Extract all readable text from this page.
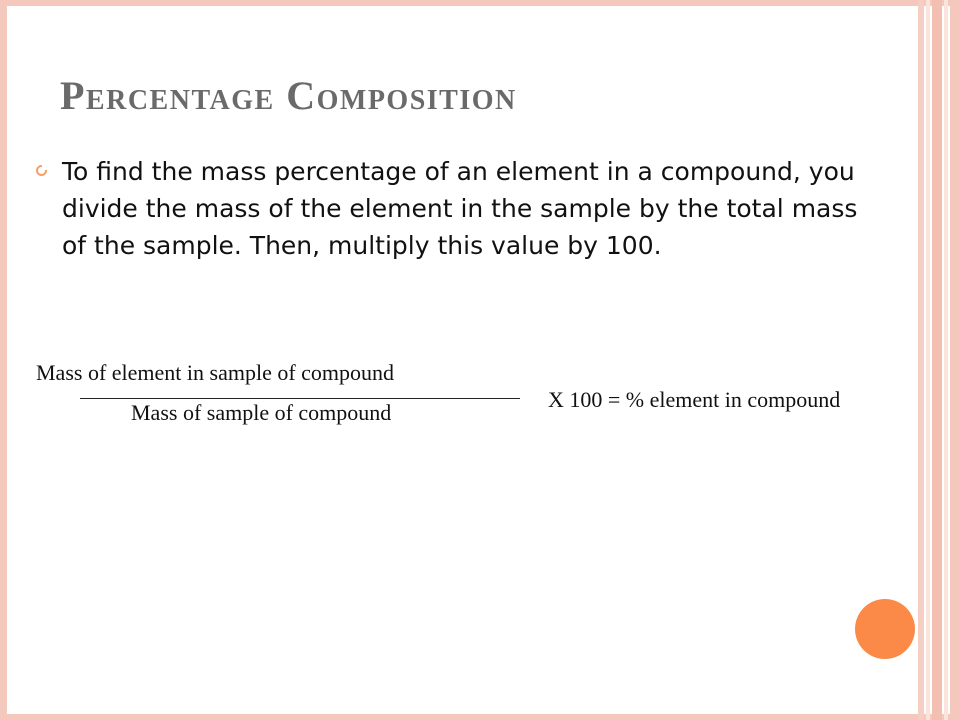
Percentage Composition

To find the mass percentage of an element in a compound, you divide the mass of the element in the sample by the total mass of the sample. Then, multiply this value by 100.

Mass of element in sample of compound
Mass of sample of compound
X 100 = % element in compound
